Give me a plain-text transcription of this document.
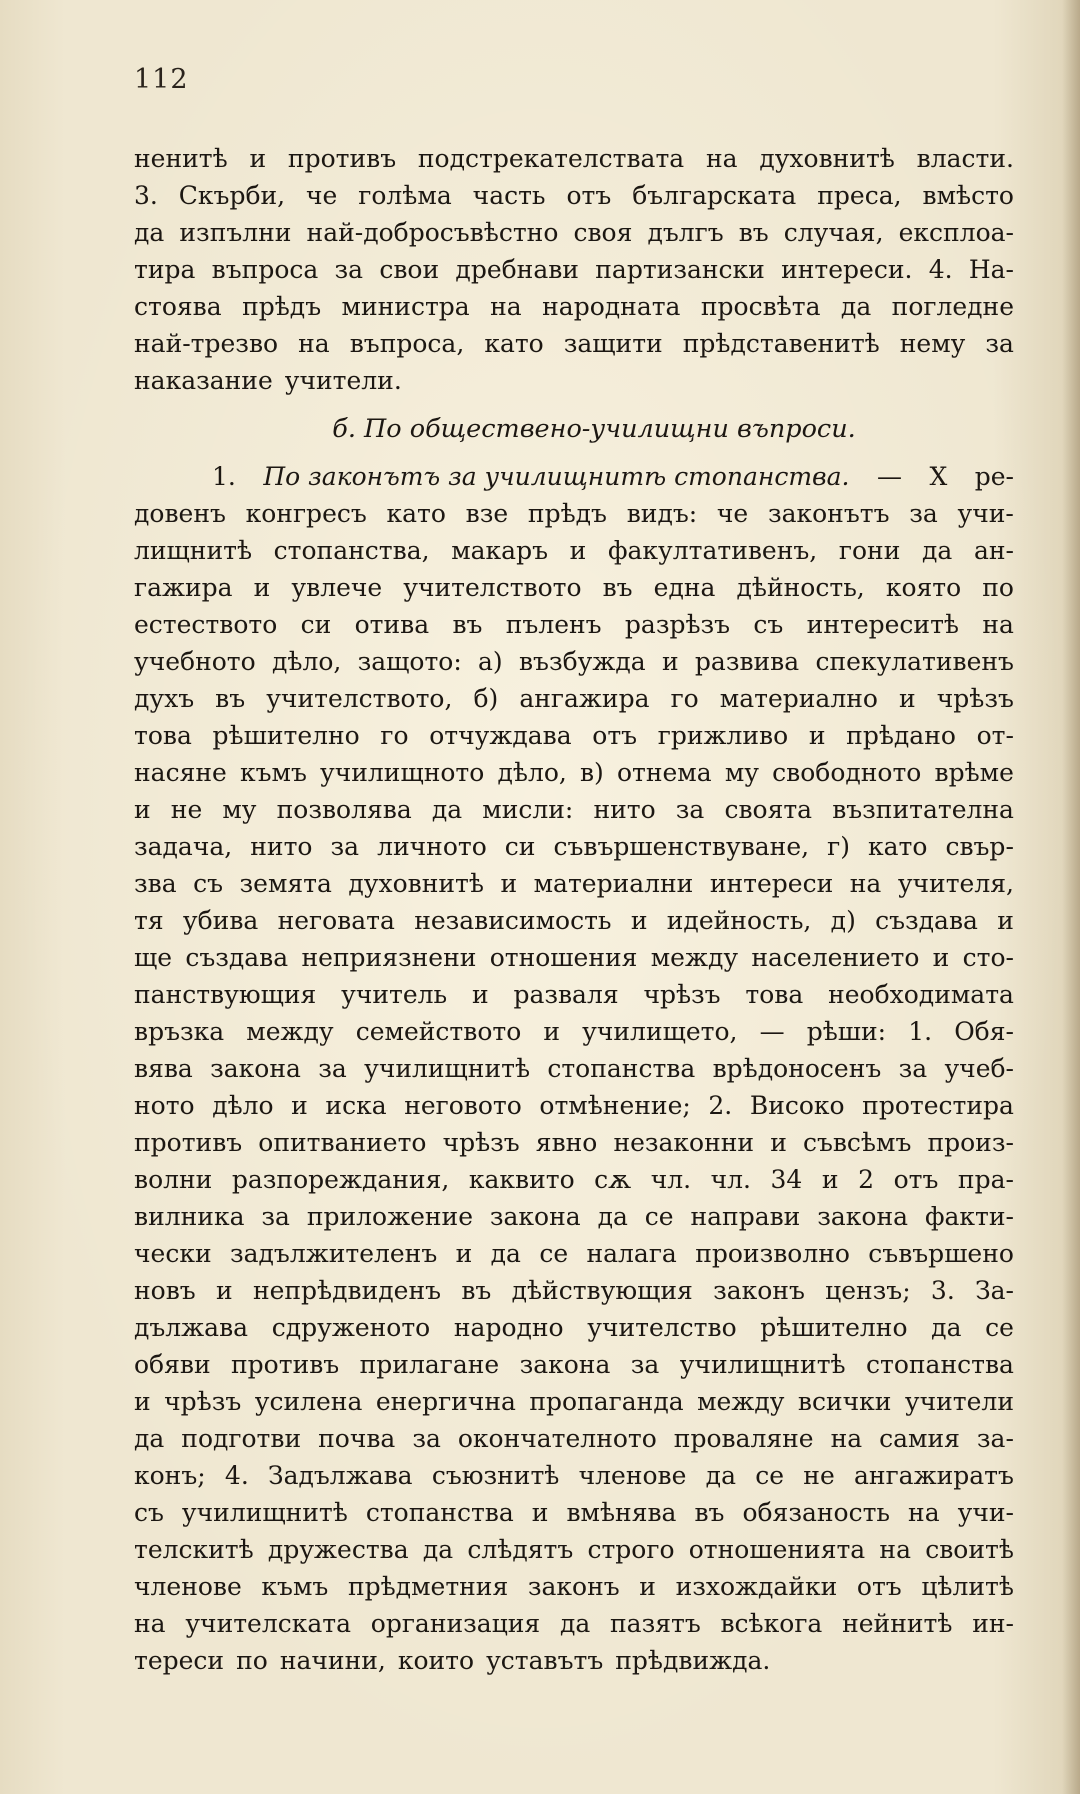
112
ненитѣ и противъ подстрекателствата на духовнитѣ власти.
3. Скърби, че голѣма часть отъ българската преса, вмѣсто
да изпълни най-добросъвѣстно своя дългъ въ случая, експлоа-
тира въпроса за свои дребнави партизански интереси. 4. На-
стоява прѣдъ министра на народната просвѣта да погледне
най-трезво на въпроса, като защити прѣдставенитѣ нему за
наказание учители.
б. По обществено-училищни въпроси.
1. По законътъ за училищнитѣ стопанства. — X ре-
довенъ конгресъ като взе прѣдъ видъ: че законътъ за учи-
лищнитѣ стопанства, макаръ и факултативенъ, гони да ан-
гажира и увлече учителството въ една дѣйность, която по
естеството си отива въ пъленъ разрѣзъ съ интереситѣ на
учебното дѣло, защото: а) възбужда и развива спекулативенъ
духъ въ учителството, б) ангажира го материално и чрѣзъ
това рѣшително го отчуждава отъ грижливо и прѣдано от-
насяне къмъ училищното дѣло, в) отнема му свободното врѣме
и не му позволява да мисли: нито за своята възпитателна
задача, нито за личното си съвършенствуване, г) като свър-
зва съ земята духовнитѣ и материални интереси на учителя,
тя убива неговата независимость и идейность, д) създава и
ще създава неприязнени отношения между населението и сто-
панствующия учитель и разваля чрѣзъ това необходимата
връзка между семейството и училището, — рѣши: 1. Обя-
вява закона за училищнитѣ стопанства врѣдоносенъ за учеб-
ното дѣло и иска неговото отмѣнение; 2. Високо протестира
противъ опитванието чрѣзъ явно незаконни и съвсѣмъ произ-
волни разпореждания, каквито сѫ чл. чл. 34 и 2 отъ пра-
вилника за приложение закона да се направи закона факти-
чески задължителенъ и да се налага произволно съвършено
новъ и непрѣдвиденъ въ дѣйствующия законъ цензъ; 3. За-
дължава сдруженото народно учителство рѣшително да се
обяви противъ прилагане закона за училищнитѣ стопанства
и чрѣзъ усилена енергична пропаганда между всички учители
да подготви почва за окончателното проваляне на самия за-
конъ; 4. Задължава съюзнитѣ членове да се не ангажиратъ
съ училищнитѣ стопанства и вмѣнява въ обязаность на учи-
телскитѣ дружества да слѣдятъ строго отношенията на своитѣ
членове къмъ прѣдметния законъ и изхождайки отъ цѣлитѣ
на учителската организация да пазятъ всѣкога нейнитѣ ин-
тереси по начини, които уставътъ прѣдвижда.
